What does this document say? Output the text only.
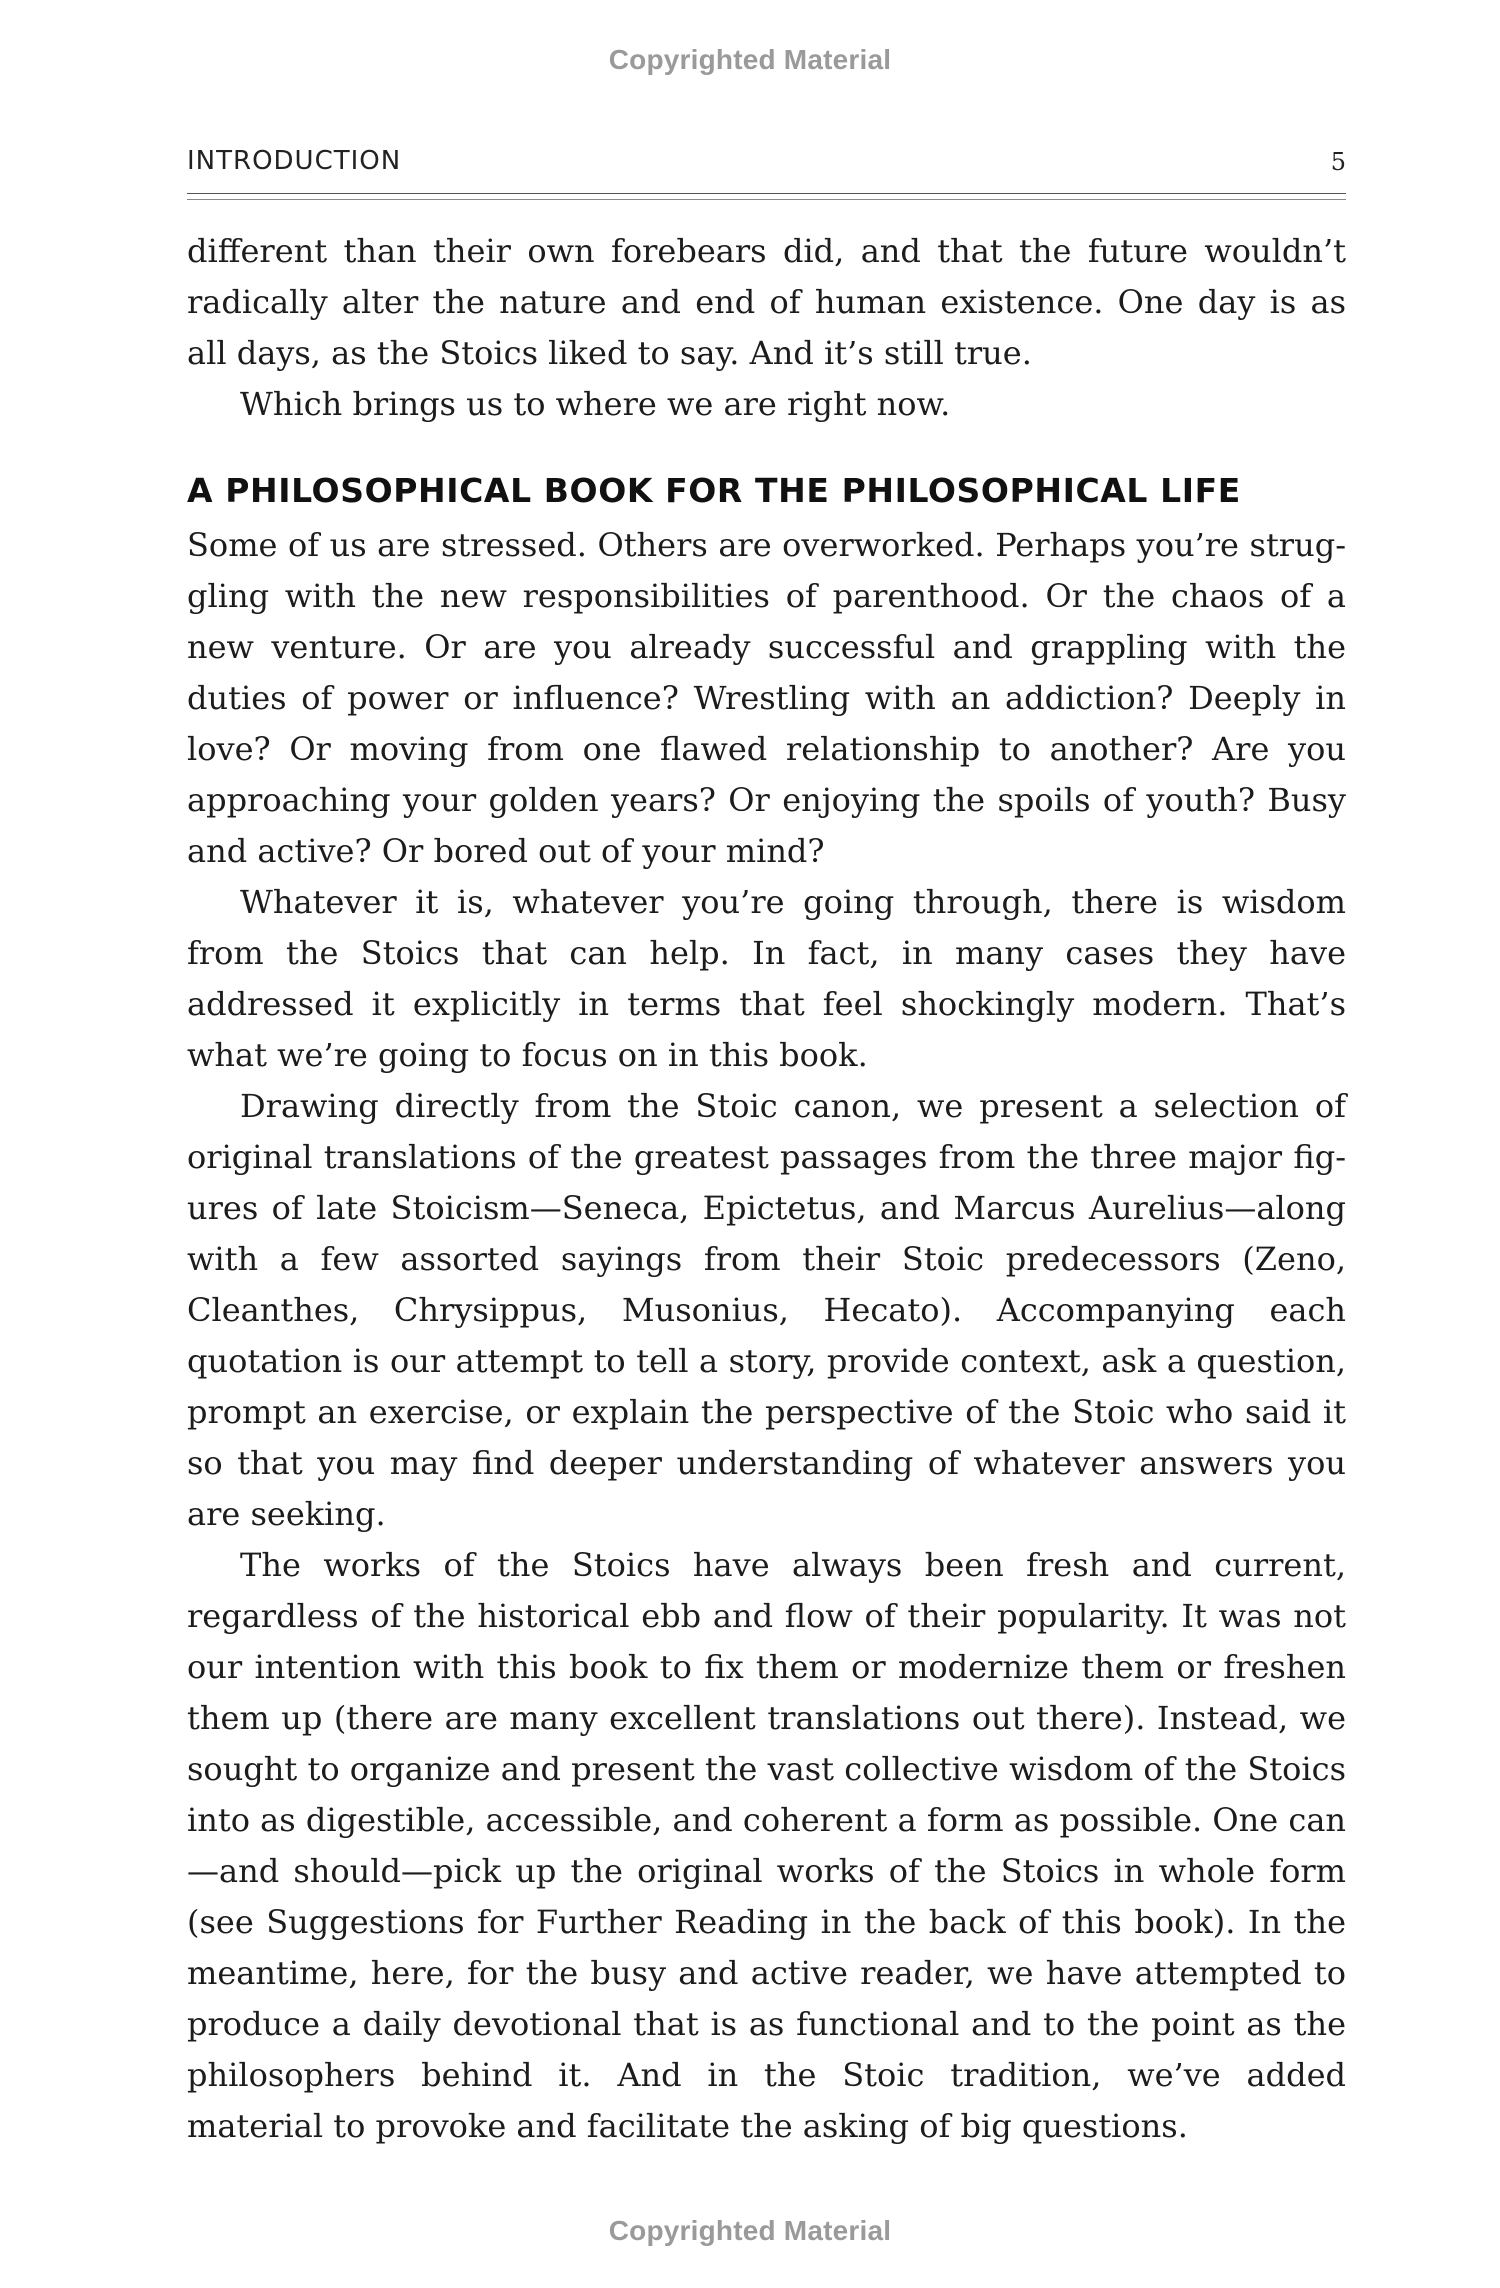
Copyrighted Material
INTRODUCTION	5

different than their own forebears did, and that the future wouldn’t radically alter the nature and end of human existence. One day is as all days, as the Stoics liked to say. And it’s still true.

Which brings us to where we are right now.

A PHILOSOPHICAL BOOK FOR THE PHILOSOPHICAL LIFE

Some of us are stressed. Others are overworked. Perhaps you’re struggling with the new responsibilities of parenthood. Or the chaos of a new venture. Or are you already successful and grappling with the duties of power or influence? Wrestling with an addiction? Deeply in love? Or moving from one flawed relationship to another? Are you approaching your golden years? Or enjoying the spoils of youth? Busy and active? Or bored out of your mind?

Whatever it is, whatever you’re going through, there is wisdom from the Stoics that can help. In fact, in many cases they have addressed it explicitly in terms that feel shockingly modern. That’s what we’re going to focus on in this book.

Drawing directly from the Stoic canon, we present a selection of original translations of the greatest passages from the three major figures of late Stoicism—Seneca, Epictetus, and Marcus Aurelius—along with a few assorted sayings from their Stoic predecessors (Zeno, Cleanthes, Chrysippus, Musonius, Hecato). Accompanying each quotation is our attempt to tell a story, provide context, ask a question, prompt an exercise, or explain the perspective of the Stoic who said it so that you may find deeper understanding of whatever answers you are seeking.

The works of the Stoics have always been fresh and current, regardless of the historical ebb and flow of their popularity. It was not our intention with this book to fix them or modernize them or freshen them up (there are many excellent translations out there). Instead, we sought to organize and present the vast collective wisdom of the Stoics into as digestible, accessible, and coherent a form as possible. One can—and should—pick up the original works of the Stoics in whole form (see Suggestions for Further Reading in the back of this book). In the meantime, here, for the busy and active reader, we have attempted to produce a daily devotional that is as functional and to the point as the philosophers behind it. And in the Stoic tradition, we’ve added material to provoke and facilitate the asking of big questions.

Copyrighted Material
